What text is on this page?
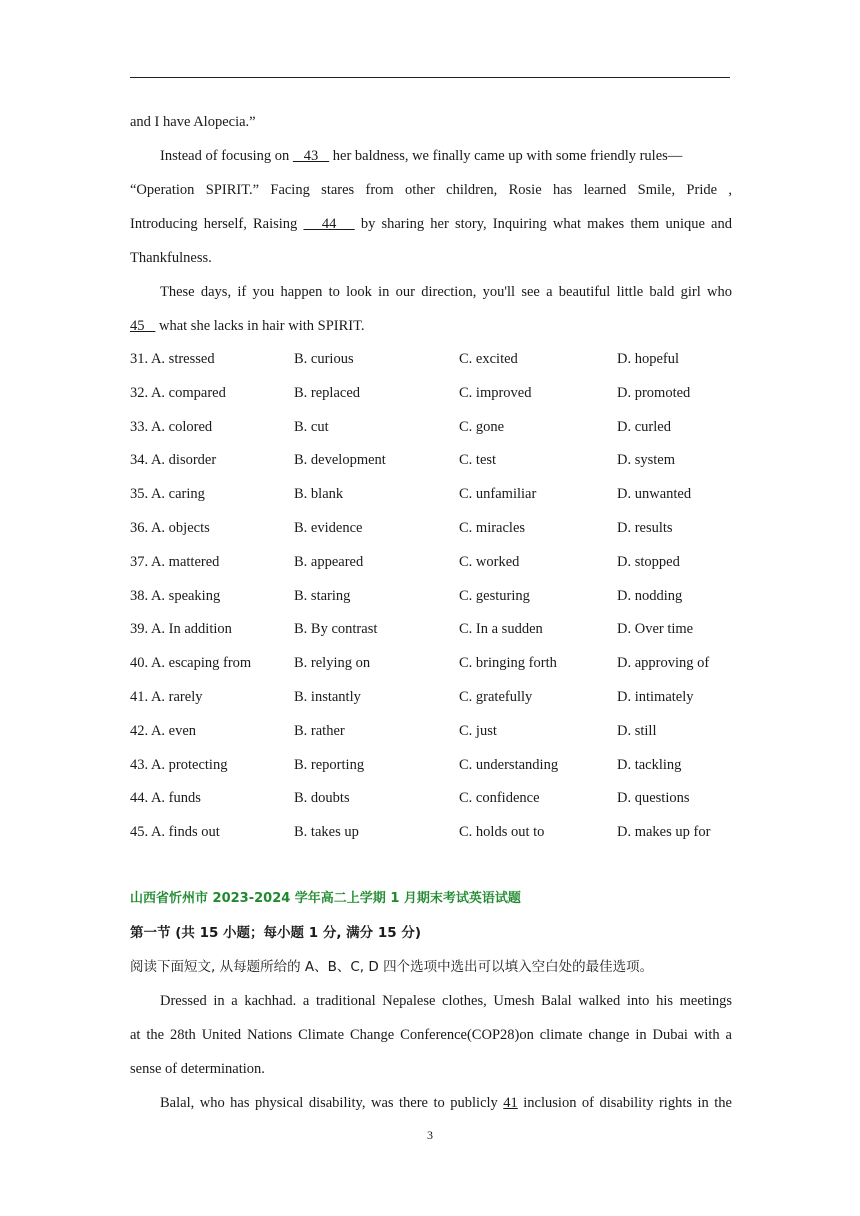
and I have Alopecia.”
Instead of focusing on    43    her baldness, we finally came up with some friendly rules—
“Operation SPIRIT.” Facing stares from other children, Rosie has learned Smile, Pride ,
Introducing herself, Raising    44    by sharing her story, Inquiring what makes them unique and
Thankfulness.
These days, if you happen to look in our direction, you'll see a beautiful little bald girl who
45    what she lacks in hair with SPIRIT.
31. A. stressed	B. curious	C. excited	D. hopeful
32. A. compared	B. replaced	C. improved	D. promoted
33. A. colored	B. cut	C. gone	D. curled
34. A. disorder	B. development	C. test	D. system
35. A. caring	B. blank	C. unfamiliar	D. unwanted
36. A. objects	B. evidence	C. miracles	D. results
37. A. mattered	B. appeared	C. worked	D. stopped
38. A. speaking	B. staring	C. gesturing	D. nodding
39. A. In addition	B. By contrast	C. In a sudden	D. Over time
40. A. escaping from	B. relying on	C. bringing forth	D. approving of
41. A. rarely	B. instantly	C. gratefully	D. intimately
42. A. even	B. rather	C. just	D. still
43. A. protecting	B. reporting	C. understanding	D. tackling
44. A. funds	B. doubts	C. confidence	D. questions
45. A. finds out	B. takes up	C. holds out to	D. makes up for
山西省忻州市 2023-2024 学年高二上学期 1 月期末考试英语试题
第一节 (共 15 小题；每小题 1 分, 满分 15 分)
阅读下面短文, 从每题所给的 A、B、C, D 四个选项中选出可以填入空白处的最佳选项。
Dressed in a kachhad. a traditional Nepalese clothes, Umesh Balal walked into his meetings
at the 28th United Nations Climate Change Conference(COP28)on climate change in Dubai with a
sense of determination.
Balal, who has physical disability, was there to publicly 41 inclusion of disability rights in the
3
